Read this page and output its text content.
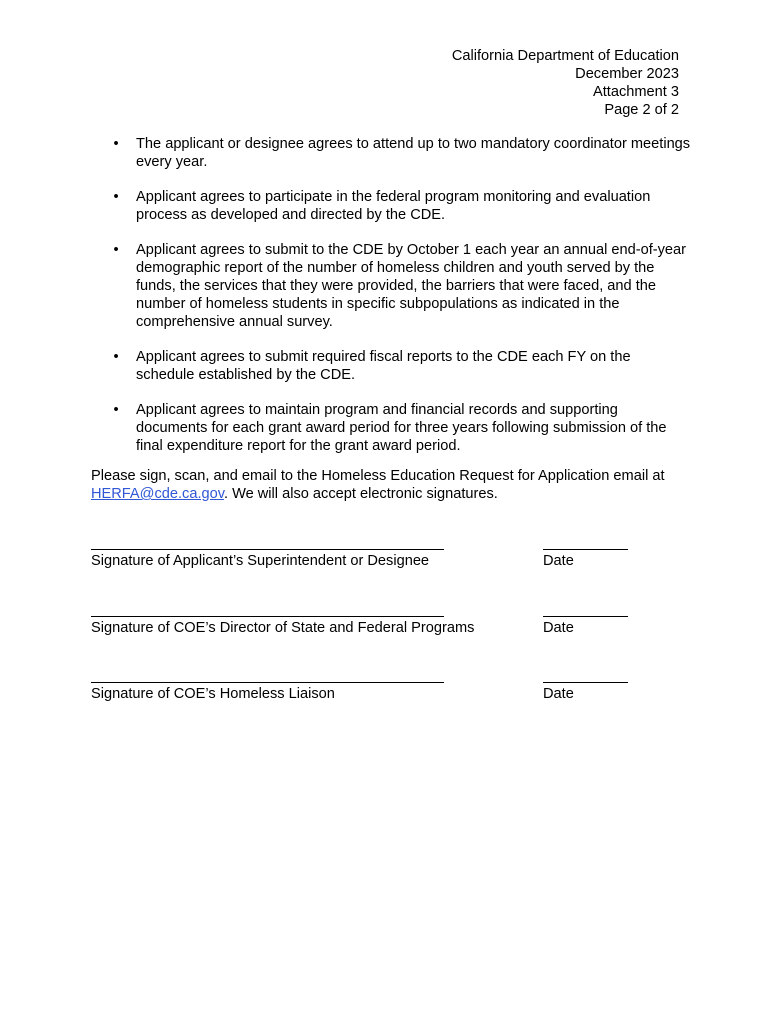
California Department of Education
December 2023
Attachment 3
Page 2 of 2
• The applicant or designee agrees to attend up to two mandatory coordinator meetings every year.
• Applicant agrees to participate in the federal program monitoring and evaluation process as developed and directed by the CDE.
• Applicant agrees to submit to the CDE by October 1 each year an annual end-of-year demographic report of the number of homeless children and youth served by the funds, the services that they were provided, the barriers that were faced, and the number of homeless students in specific subpopulations as indicated in the comprehensive annual survey.
• Applicant agrees to submit required fiscal reports to the CDE each FY on the schedule established by the CDE.
• Applicant agrees to maintain program and financial records and supporting documents for each grant award period for three years following submission of the final expenditure report for the grant award period.

Please sign, scan, and email to the Homeless Education Request for Application email at HERFA@cde.ca.gov. We will also accept electronic signatures.

Signature of Applicant’s Superintendent or Designee	Date
Signature of COE’s Director of State and Federal Programs	Date
Signature of COE’s Homeless Liaison	Date
